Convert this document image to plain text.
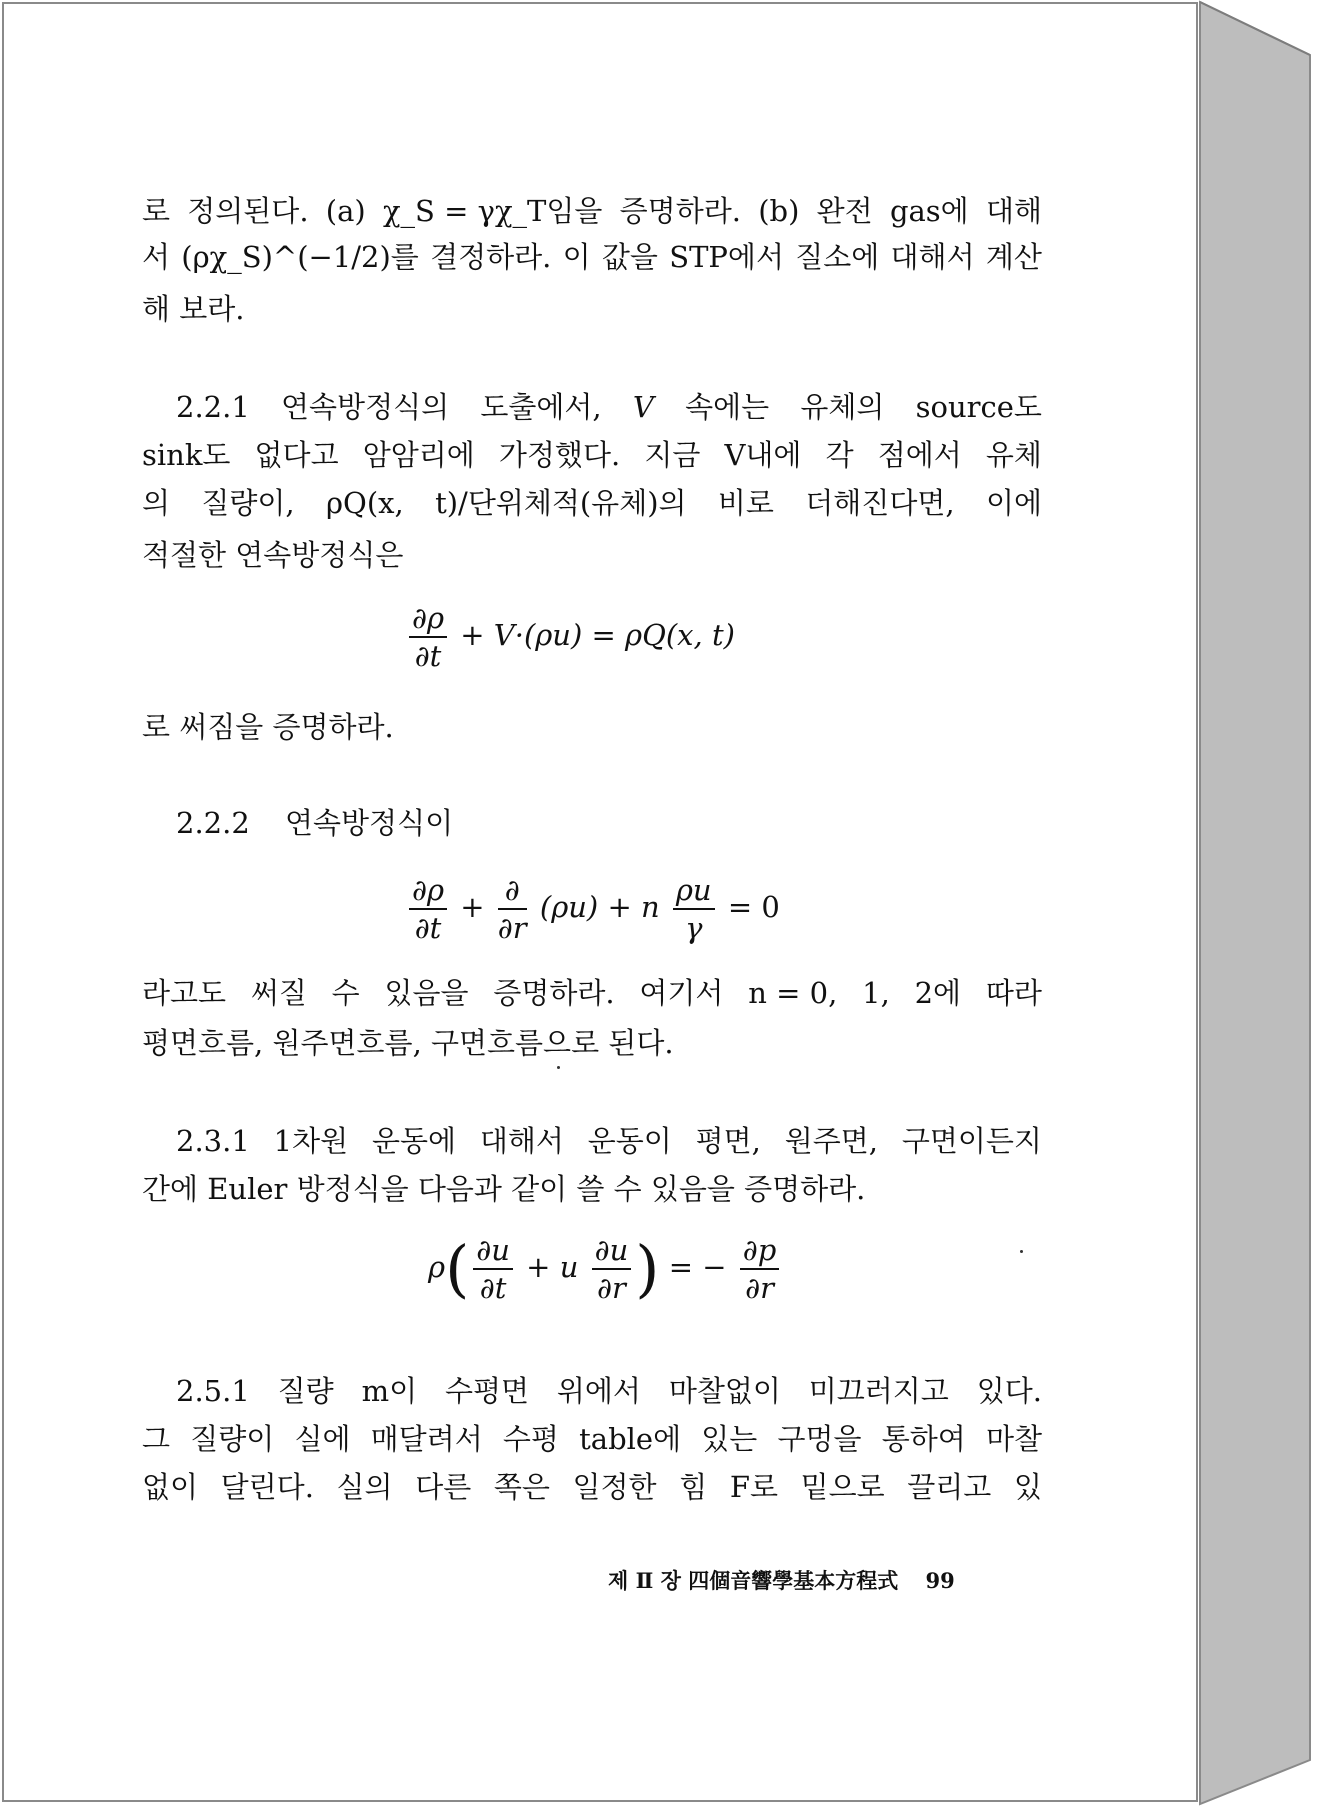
로 정의된다. (a) χ_S = γχ_T임을 증명하라. (b) 완전 gas에 대해
서 (ρχ_S)^(−1/2)를 결정하라. 이 값을 STP에서 질소에 대해서 계산
해 보라.
2.2.1 연속방정식의 도출에서, V 속에는 유체의 source도
sink도 없다고 암암리에 가정했다. 지금 V내에 각 점에서 유체
의 질량이, ρQ(x, t)/단위체적(유체)의 비로 더해진다면, 이에
적절한 연속방정식은
$\frac{\partial\rho}{\partial t} + V\cdot(\rho u) = \rho Q(x$, t)
로 써짐을 증명하라.
2.2.2 연속방정식이
$\frac{\partial\rho}{\partial t} + \frac{\partial}{\partial r} (\rho u) + n \frac{\rho u}{\gamma} = 0$
라고도 써질 수 있음을 증명하라. 여기서 n = 0, 1, 2에 따라
평면흐름, 원주면흐름, 구면흐름으로 된다.
2.3.1 1차원 운동에 대해서 운동이 평면, 원주면, 구면이든지
간에 Euler 방정식을 다음과 같이 쓸 수 있음을 증명하라.
$\rho( \frac{\partial u}{\partial t} + u \frac{\partial u}{\partial r}$ ) = − $\frac{\partial p}{\partial r}$
2.5.1 질량 m이 수평면 위에서 마찰없이 미끄러지고 있다.
그 질량이 실에 매달려서 수평 table에 있는 구멍을 통하여 마찰
없이 달린다. 실의 다른 쪽은 일정한 힘 F로 밑으로 끌리고 있
제 Ⅱ 장 四個音響學基本方程式 99
